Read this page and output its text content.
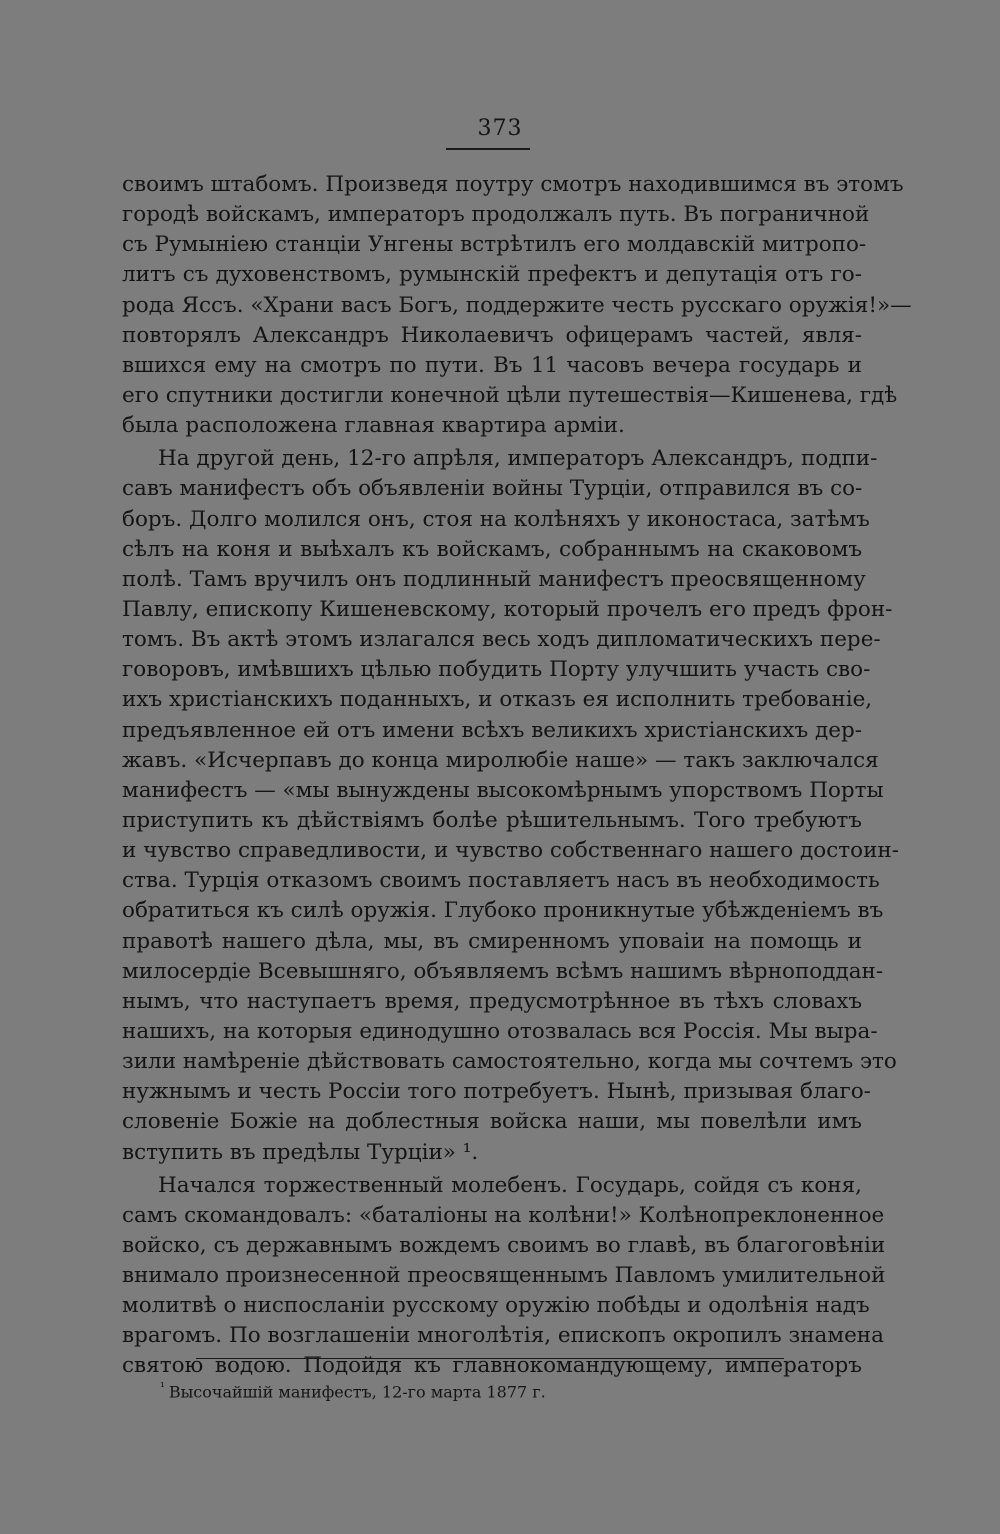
373
своимъ штабомъ. Произведя поутру смотръ находившимся въ этомъ
городѣ войскамъ, императоръ продолжалъ путь. Въ пограничной
съ Румыніею станціи Унгены встрѣтилъ его молдавскій митропо-
литъ съ духовенствомъ, румынскій префектъ и депутація отъ го-
рода Яссъ. «Храни васъ Богъ, поддержите честь русскаго оружія!»—
повторялъ Александръ Николаевичъ офицерамъ частей, явля-
вшихся ему на смотръ по пути. Въ 11 часовъ вечера государь и
его спутники достигли конечной цѣли путешествія—Кишенева, гдѣ
была расположена главная квартира арміи.
На другой день, 12-го апрѣля, императоръ Александръ, подпи-
савъ манифестъ объ объявленіи войны Турціи, отправился въ со-
боръ. Долго молился онъ, стоя на колѣняхъ у иконостаса, затѣмъ
сѣлъ на коня и выѣхалъ къ войскамъ, собраннымъ на скаковомъ
полѣ. Тамъ вручилъ онъ подлинный манифестъ преосвященному
Павлу, епископу Кишеневскому, который прочелъ его предъ фрон-
томъ. Въ актѣ этомъ излагался весь ходъ дипломатическихъ пере-
говоровъ, имѣвшихъ цѣлью побудить Порту улучшить участь сво-
ихъ христіанскихъ поданныхъ, и отказъ ея исполнить требованіе,
предъявленное ей отъ имени всѣхъ великихъ христіанскихъ дер-
жавъ. «Исчерпавъ до конца миролюбіе наше» — такъ заключался
манифестъ — «мы вынуждены высокомѣрнымъ упорствомъ Порты
приступить къ дѣйствіямъ болѣе рѣшительнымъ. Того требуютъ
и чувство справедливости, и чувство собственнаго нашего достоин-
ства. Турція отказомъ своимъ поставляетъ насъ въ необходимость
обратиться къ силѣ оружія. Глубоко проникнутые убѣжденіемъ въ
правотѣ нашего дѣла, мы, въ смиренномъ уповаіи на помощь и
милосердіе Всевышняго, объявляемъ всѣмъ нашимъ вѣрноподдан-
нымъ, что наступаетъ время, предусмотрѣнное въ тѣхъ словахъ
нашихъ, на которыя единодушно отозвалась вся Россія. Мы выра-
зили намѣреніе дѣйствовать самостоятельно, когда мы сочтемъ это
нужнымъ и честь Россіи того потребуетъ. Нынѣ, призывая благо-
словеніе Божіе на доблестныя войска наши, мы повелѣли имъ
вступить въ предѣлы Турціи» ¹.
Начался торжественный молебенъ. Государь, сойдя съ коня,
самъ скомандовалъ: «баталіоны на колѣни!» Колѣнопреклоненное
войско, съ державнымъ вождемъ своимъ во главѣ, въ благоговѣніи
внимало произнесенной преосвященнымъ Павломъ умилительной
молитвѣ о ниспосланіи русскому оружію побѣды и одолѣнія надъ
врагомъ. По возглашеніи многолѣтія, епископъ окропилъ знамена
святою водою. Подойдя къ главнокомандующему, императоръ
$^{^1}$ Высочайшій манифестъ, 12-го марта 1877 г.
